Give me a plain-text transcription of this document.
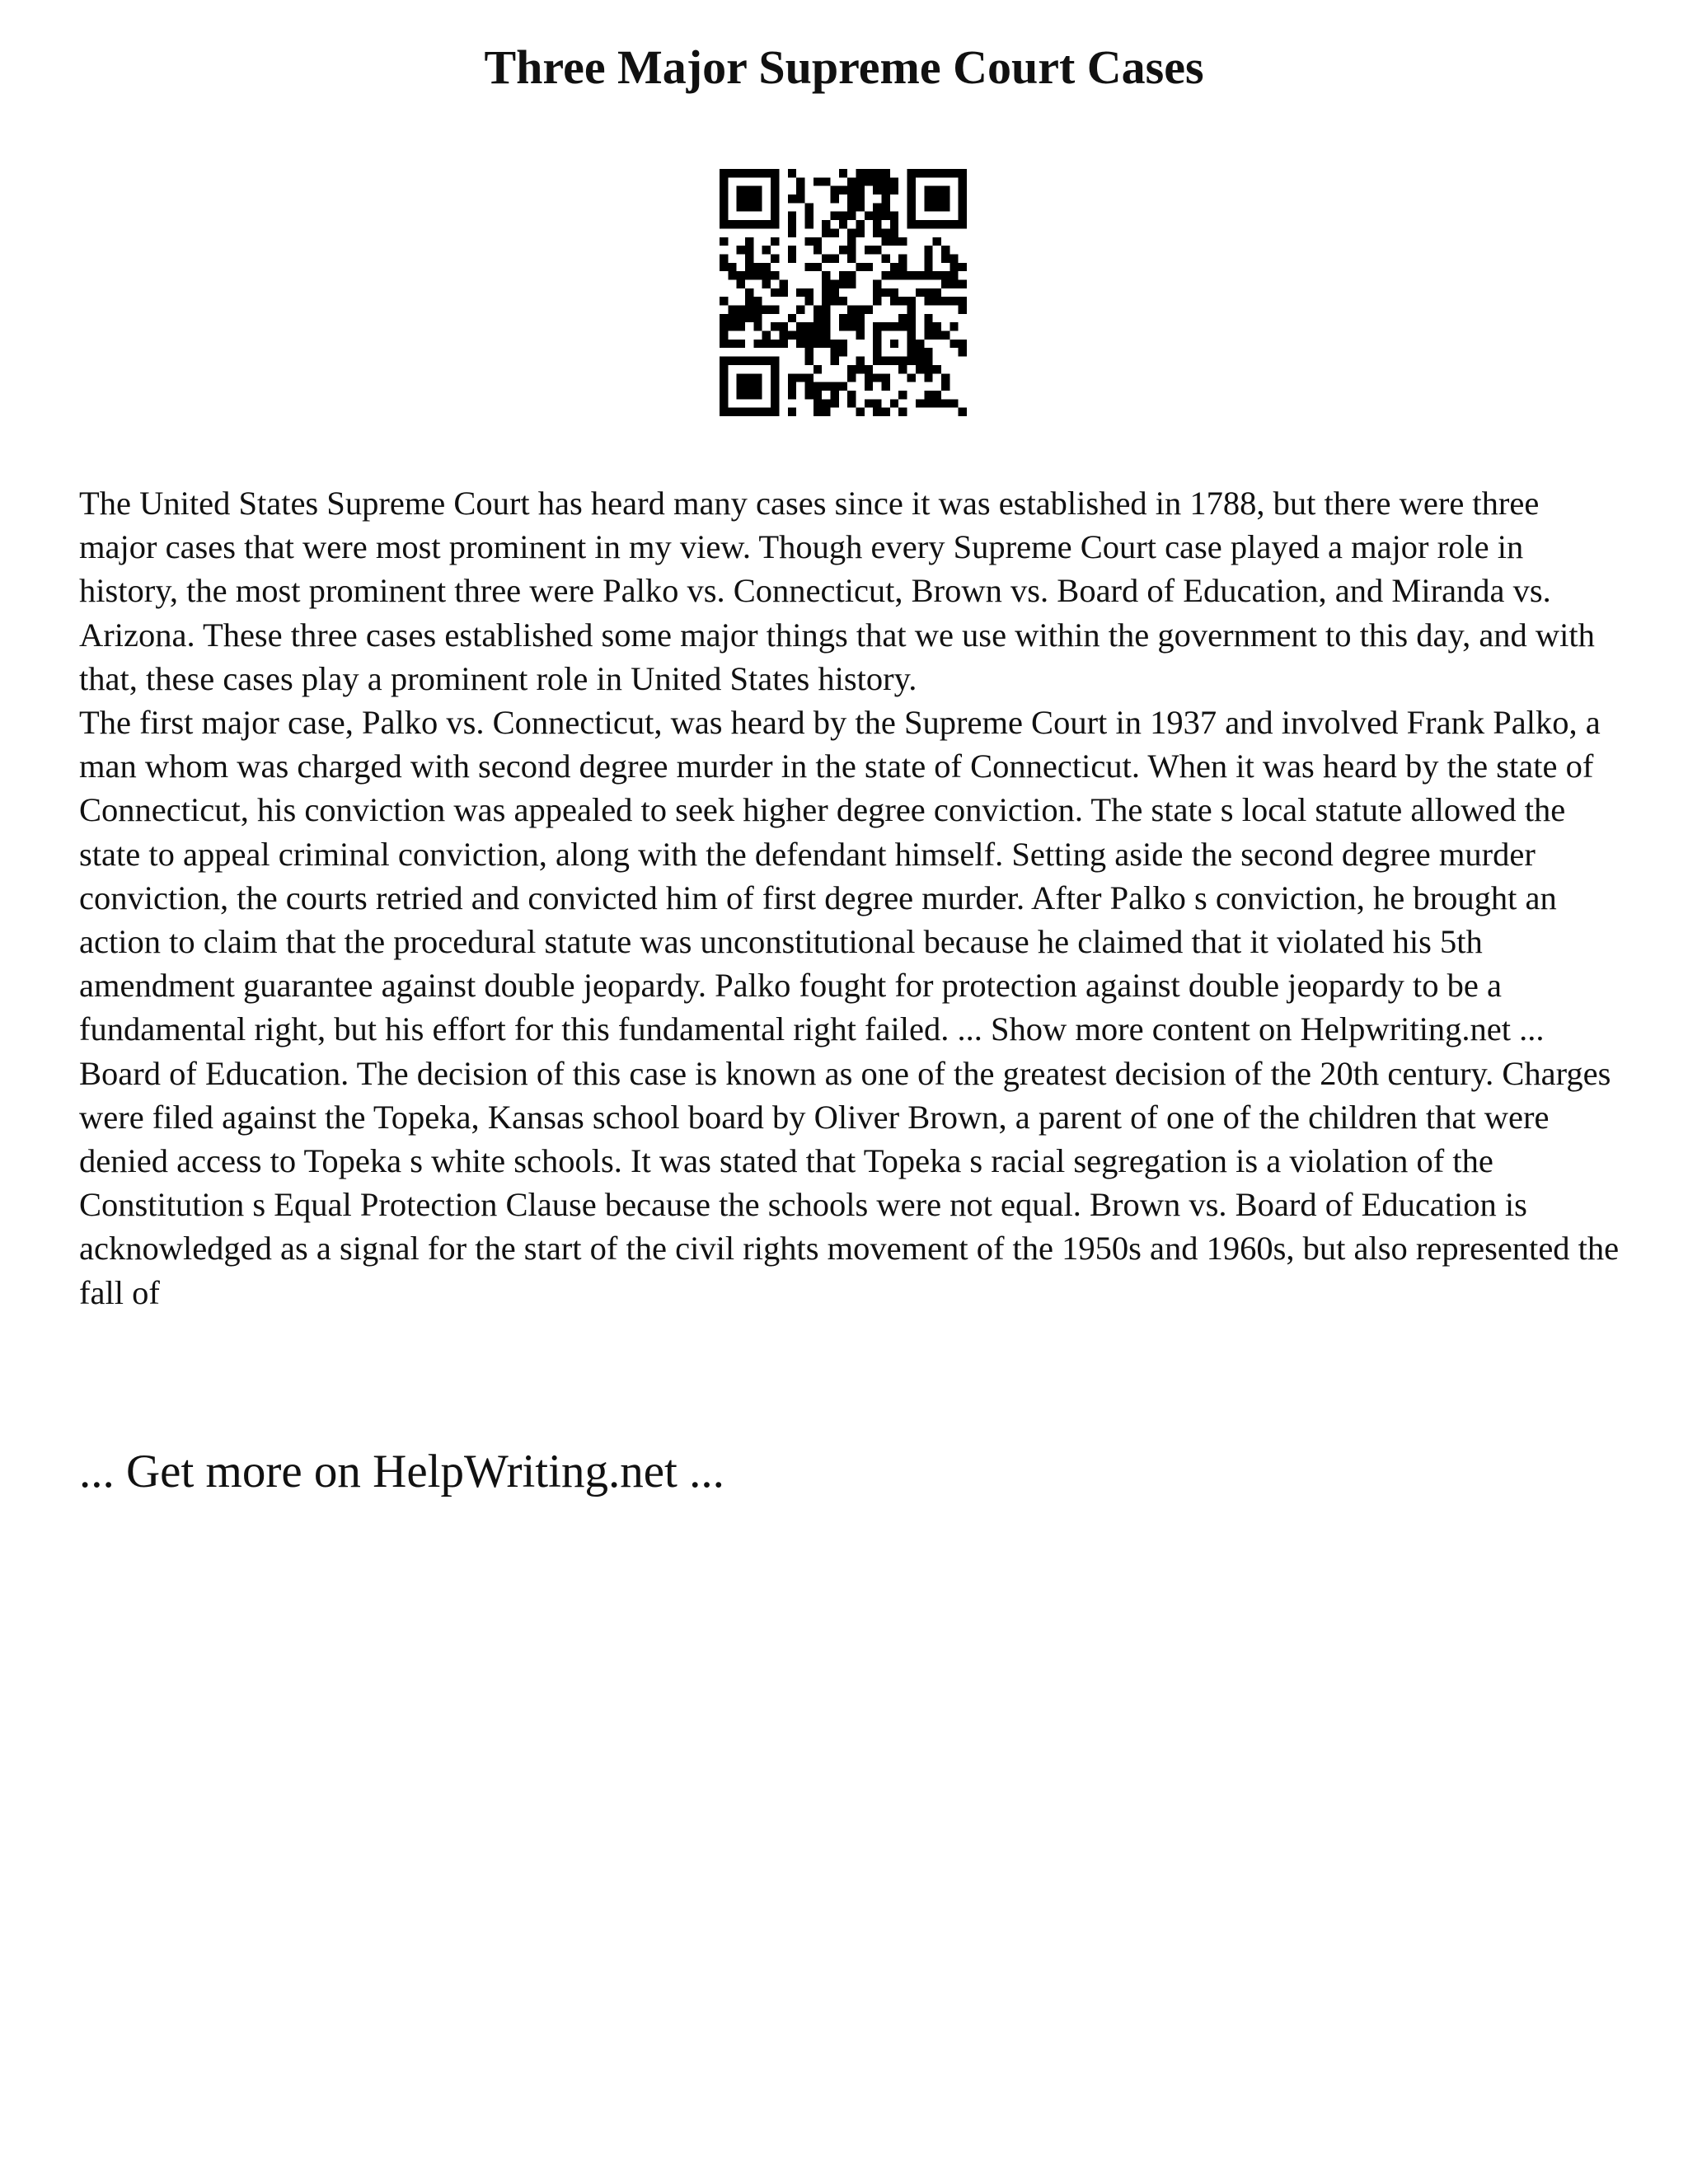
Three Major Supreme Court Cases

The United States Supreme Court has heard many cases since it was established in 1788, but there were three major cases that were most prominent in my view. Though every Supreme Court case played a major role in history, the most prominent three were Palko vs. Connecticut, Brown vs. Board of Education, and Miranda vs. Arizona. These three cases established some major things that we use within the government to this day, and with that, these cases play a prominent role in United States history.

The first major case, Palko vs. Connecticut, was heard by the Supreme Court in 1937 and involved Frank Palko, a man whom was charged with second degree murder in the state of Connecticut. When it was heard by the state of Connecticut, his conviction was appealed to seek higher degree conviction. The state s local statute allowed the state to appeal criminal conviction, along with the defendant himself. Setting aside the second degree murder conviction, the courts retried and convicted him of first degree murder. After Palko s conviction, he brought an action to claim that the procedural statute was unconstitutional because he claimed that it violated his 5th amendment guarantee against double jeopardy. Palko fought for protection against double jeopardy to be a fundamental right, but his effort for this fundamental right failed. ... Show more content on Helpwriting.net ...

Board of Education. The decision of this case is known as one of the greatest decision of the 20th century. Charges were filed against the Topeka, Kansas school board by Oliver Brown, a parent of one of the children that were denied access to Topeka s white schools. It was stated that Topeka s racial segregation is a violation of the Constitution s Equal Protection Clause because the schools were not equal. Brown vs. Board of Education is acknowledged as a signal for the start of the civil rights movement of the 1950s and 1960s, but also represented the fall of

... Get more on HelpWriting.net ...
